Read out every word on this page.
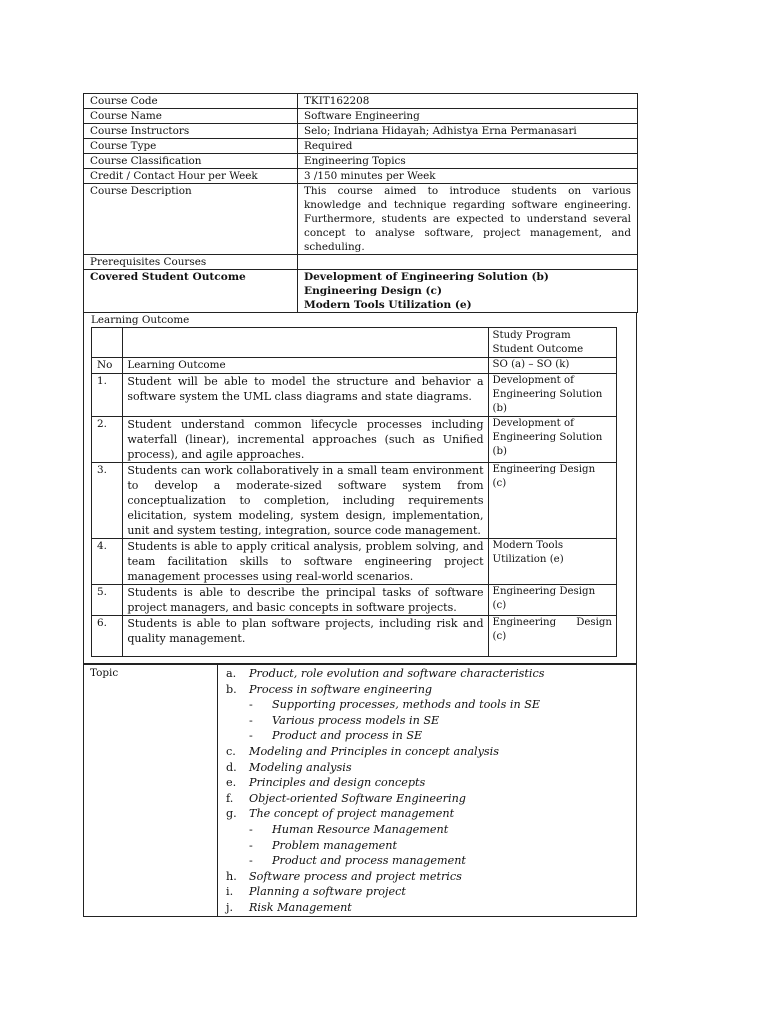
Course Code	TKIT162208
Course Name	Software Engineering
Course Instructors	Selo; Indriana Hidayah; Adhistya Erna Permanasari
Course Type	Required
Course Classification	Engineering Topics
Credit / Contact Hour per Week	3 /150 minutes per Week
Course Description	This course aimed to introduce students on various knowledge and technique regarding software engineering. Furthermore, students are expected to understand several concept to analyse software, project management, and scheduling.
Prerequisites Courses	
Covered Student Outcome	Development of Engineering Solution (b)
Engineering Design (c)
Modern Tools Utilization (e)
Learning Outcome
		Study Program Student Outcome
No	Learning Outcome	SO (a) – SO (k)
1.	Student will be able to model the structure and behavior a software system the UML class diagrams and state diagrams.	Development of Engineering Solution (b)
2.	Student understand common lifecycle processes including waterfall (linear), incremental approaches (such as Unified process), and agile approaches.	Development of Engineering Solution (b)
3.	Students can work collaboratively in a small team environment to develop a moderate-sized software system from conceptualization to completion, including requirements elicitation, system modeling, system design, implementation, unit and system testing, integration, source code management.	Engineering Design (c)
4.	Students is able to apply critical analysis, problem solving, and team facilitation skills to software engineering project management processes using real-world scenarios.	Modern Tools Utilization (e)
5.	Students is able to describe the principal tasks of software project managers, and basic concepts in software projects.	Engineering Design (c)
6.	Students is able to plan software projects, including risk and quality management.	Engineering Design (c)
Topic	a.	Product, role evolution and software characteristics
b.	Process in software engineering
-	Supporting processes, methods and tools in SE
-	Various process models in SE
-	Product and process in SE
c.	Modeling and Principles in concept analysis
d.	Modeling analysis
e.	Principles and design concepts
f.	Object-oriented Software Engineering
g.	The concept of project management
-	Human Resource Management
-	Problem management
-	Product and process management
h.	Software process and project metrics
i.	Planning a software project
j.	Risk Management
